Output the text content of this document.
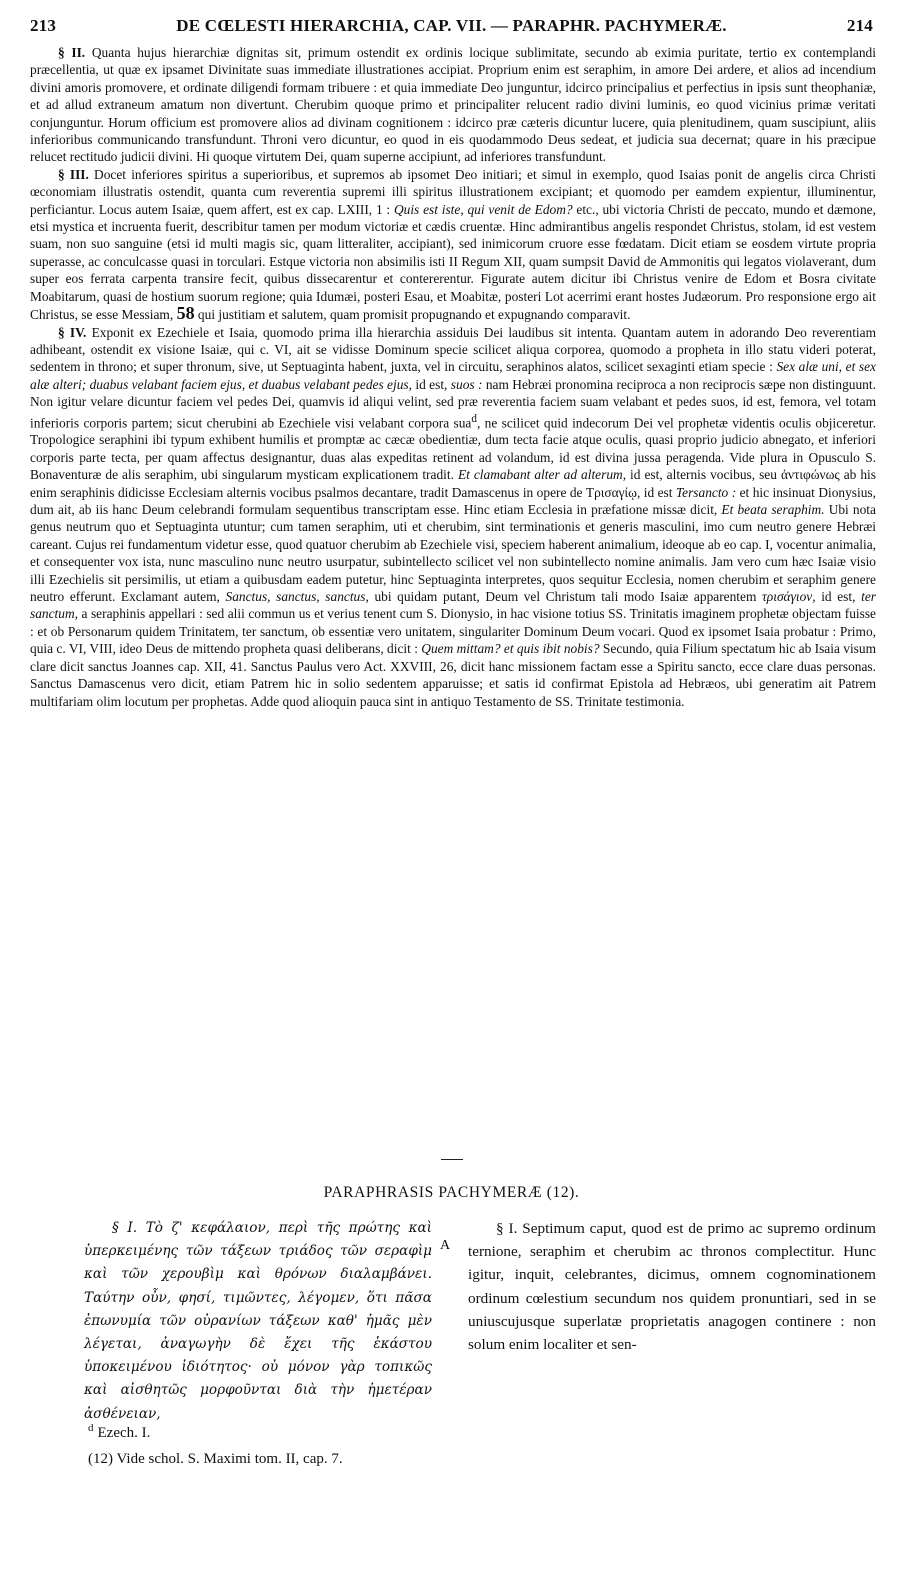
213	DE CŒLESTI HIERARCHIA, CAP. VII. — PARAPHR. PACHYMERÆ.	214

§ II. Quanta hujus hierarchiæ dignitas sit, primum ostendit ex ordinis locique sublimitate, secundo ab eximia puritate, tertio ex contemplandi præcellentia, ut quæ ex ipsamet Divinitate suas immediate illustrationes accipiat. Proprium enim est seraphim, in amore Dei ardere, et alios ad incendium divini amoris promovere, et ordinate diligendi formam tribuere : et quia immediate Deo junguntur, idcirco principalius et perfectius in ipsis sunt theophaniæ, et ad allud extraneum amatum non divertunt. Cherubim quoque primo et principaliter relucent radio divini luminis, eo quod vicinius primæ veritati conjunguntur. Horum officium est promovere alios ad divinam cognitionem : idcirco præ cæteris dicuntur lucere, quia plenitudinem, quam suscipiunt, aliis inferioribus communicando transfundunt. Throni vero dicuntur, eo quod in eis quodammodo Deus sedeat, et judicia sua decernat; quare in his præcipue relucet rectitudo judicii divini. Hi quoque virtutem Dei, quam superne accipiunt, ad inferiores transfundunt.

§ III. Docet inferiores spiritus a superioribus, et supremos ab ipsomet Deo initiari; et simul in exemplo, quod Isaias ponit de angelis circa Christi œconomiam illustratis ostendit, quanta cum reverentia supremi illi spiritus illustrationem excipiant; et quomodo per eamdem expientur, illuminentur, perficiantur. Locus autem Isaiæ, quem affert, est ex cap. LXIII, 1 : Quis est iste, qui venit de Edom? etc., ubi victoria Christi de peccato, mundo et dæmone, etsi mystica et incruenta fuerit, describitur tamen per modum victoriæ et cædis cruentæ. Hinc admirantibus angelis respondet Christus, stolam, id est vestem suam, non suo sanguine (etsi id multi magis sic, quam litteraliter, accipiant), sed inimicorum cruore esse fœdatam. Dicit etiam se eosdem virtute propria superasse, ac conculcasse quasi in torculari. Estque victoria non absimilis isti II Regum XII, quam sumpsit David de Ammonitis qui legatos violaverant, dum super eos ferrata carpenta transire fecit, quibus dissecarentur et contererentur. Figurate autem dicitur ibi Christus venire de Edom et Bosra civitate Moabitarum, quasi de hostium suorum regione; quia Idumæi, posteri Esau, et Moabitæ, posteri Lot acerrimi erant hostes Judæorum. Pro responsione ergo ait Christus, se esse Messiam, 58 qui justitiam et salutem, quam promisit propugnando et expugnando comparavit.

§ IV. Exponit ex Ezechiele et Isaia, quomodo prima illa hierarchia assiduis Dei laudibus sit intenta. Quantam autem in adorando Deo reverentiam adhibeant, ostendit ex visione Isaiæ, qui c. VI, ait se vidisse Dominum specie scilicet aliqua corporea, quomodo a propheta in illo statu videri poterat, sedentem in throno; et super thronum, sive, ut Septuaginta habent, juxta, vel in circuitu, seraphinos alatos, scilicet sexaginti etiam specie : Sex alæ uni, et sex alæ alteri; duabus velabant faciem ejus, et duabus velabant pedes ejus, id est, suos : nam Hebræi pronomina reciproca a non reciprocis sæpe non distinguunt. Non igitur velare dicuntur faciem vel pedes Dei, quamvis id aliqui velint, sed præ reverentia faciem suam velabant et pedes suos, id est, femora, vel totam inferioris corporis partem; sicut cherubini ab Ezechiele visi velabant corpora sua$^d$, ne scilicet quid indecorum Dei vel prophetæ videntis oculis objiceretur. Tropologice seraphini ibi typum exhibent humilis et promptæ ac cæcæ obedientiæ, dum tecta facie atque oculis, quasi proprio judicio abnegato, et inferiori corporis parte tecta, per quam affectus designantur, duas alas expeditas retinent ad volandum, id est divina jussa peragenda. Vide plura in Opusculo S. Bonaventuræ de alis seraphim, ubi singularum mysticam explicationem tradit. Et clamabant alter ad alterum, id est, alternis vocibus, seu ἀντιφώνως ab his enim seraphinis didicisse Ecclesiam alternis vocibus psalmos decantare, tradit Damascenus in opere de Τρισαγίῳ, id est Tersancto : et hic insinuat Dionysius, dum ait, ab iis hanc Deum celebrandi formulam sequentibus transcriptam esse. Hinc etiam Ecclesia in præfatione missæ dicit, Et beata seraphim. Ubi nota genus neutrum quo et Septuaginta utuntur; cum tamen seraphim, uti et cherubim, sint terminationis et generis masculini, imo cum neutro genere Hebræi careant. Cujus rei fundamentum videtur esse, quod quatuor cherubim ab Ezechiele visi, speciem haberent animalium, ideoque ab eo cap. I, vocentur animalia, et consequenter vox ista, nunc masculino nunc neutro usurpatur, subintellecto scilicet vel non subintellecto nomine animalis. Jam vero cum hæc Isaiæ visio illi Ezechielis sit persimilis, ut etiam a quibusdam eadem putetur, hinc Septuaginta interpretes, quos sequitur Ecclesia, nomen cherubim et seraphim genere neutro efferunt. Exclamant autem, Sanctus, sanctus, sanctus, ubi quidam putant, Deum vel Christum tali modo Isaiæ apparentem τρισάγιον, id est, ter sanctum, a seraphinis appellari : sed alii commun us et verius tenent cum S. Dionysio, in hac visione totius SS. Trinitatis imaginem prophetæ objectam fuisse : et ob Personarum quidem Trinitatem, ter sanctum, ob essentiæ vero unitatem, singulariter Dominum Deum vocari. Quod ex ipsomet Isaia probatur : Primo, quia c. VI, VIII, ideo Deus de mittendo propheta quasi deliberans, dicit : Quem mittam? et quis ibit nobis? Secundo, quia Filium spectatum hic ab Isaia visum clare dicit sanctus Joannes cap. XII, 41. Sanctus Paulus vero Act. XXVIII, 26, dicit hanc missionem factam esse a Spiritu sancto, ecce clare duas personas. Sanctus Damascenus vero dicit, etiam Patrem hic in solio sedentem apparuisse; et satis id confirmat Epistola ad Hebræos, ubi generatim ait Patrem multifariam olim locutum per prophetas. Adde quod alioquin pauca sint in antiquo Testamento de SS. Trinitate testimonia.

PARAPHRASIS PACHYMERÆ (12).

§ I. Τὸ ζ' κεφάλαιον, περὶ τῆς πρώτης καὶ ὑπερκειμένης τῶν τάξεων τριάδος τῶν σεραφὶμ καὶ τῶν χερουβὶμ καὶ θρόνων διαλαμβάνει. Ταύτην οὖν, φησί, τιμῶντες, λέγομεν, ὅτι πᾶσα ἐπωνυμία τῶν οὐρανίων τάξεων καθ' ἡμᾶς μὲν λέγεται, ἀναγωγὴν δὲ ἔχει τῆς ἑκάστου ὑποκειμένου ἰδιότητος· οὐ μόνον γὰρ τοπικῶς καὶ αἰσθητῶς μορφοῦνται διὰ τὴν ἡμετέραν ἀσθένειαν,

A

§ I. Septimum caput, quod est de primo ac supremo ordinum ternione, seraphim et cherubim ac thronos complectitur. Hunc igitur, inquit, celebrantes, dicimus, omnem cognominationem ordinum cœlestium secundum nos quidem pronuntiari, sed in se uniuscujusque superlatæ proprietatis anagogen continere : non solum enim localiter et sen-

$^d$ Ezech. I.
(12) Vide schol. S. Maximi tom. II, cap. 7.
